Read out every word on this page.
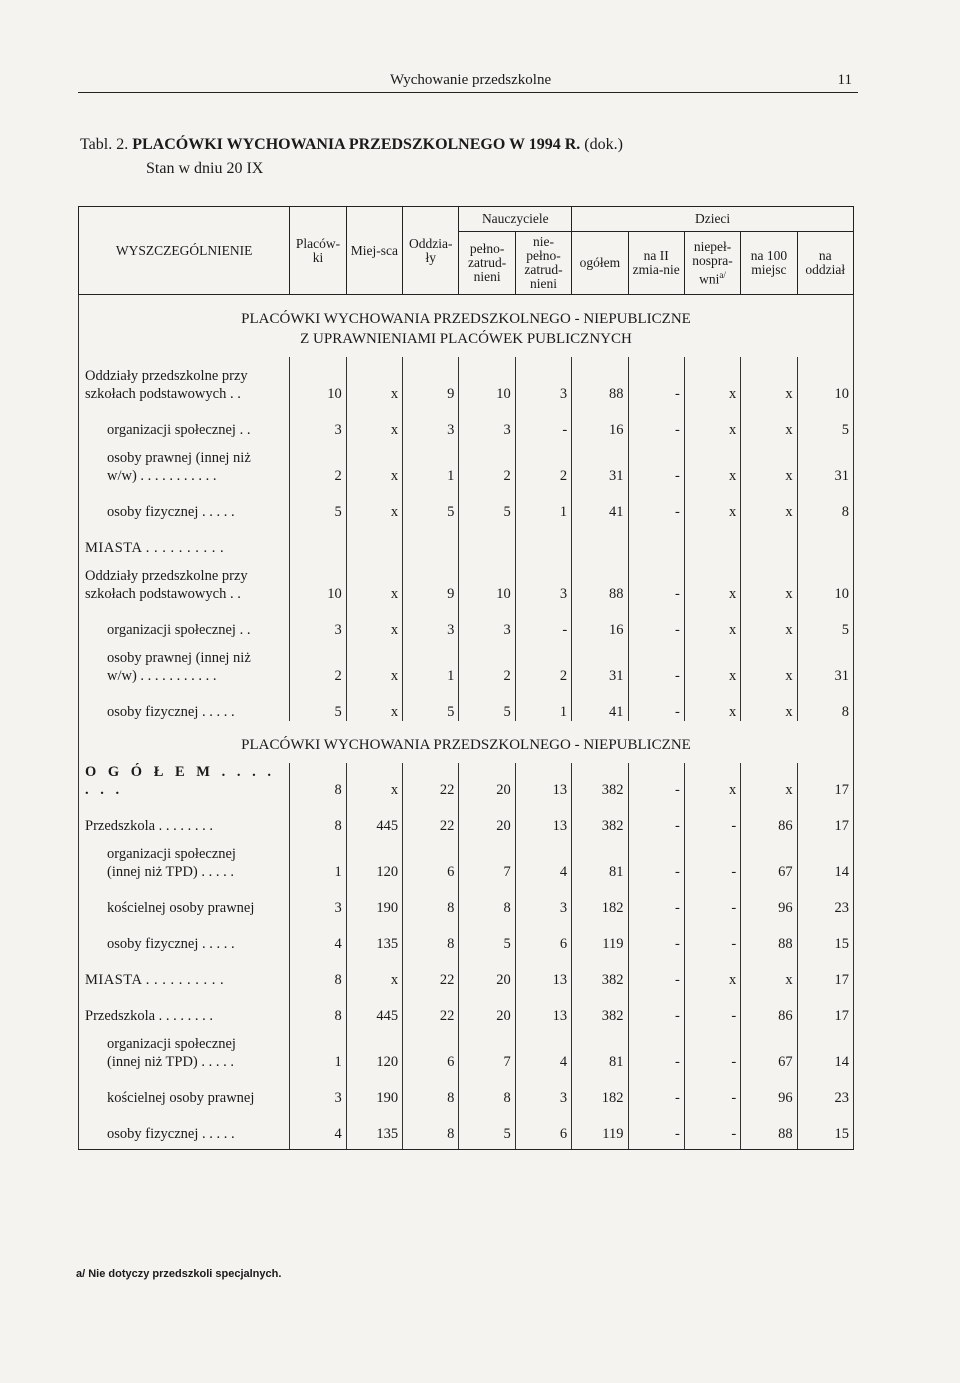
Wychowanie przedszkolne	11
Tabl. 2. PLACÓWKI WYCHOWANIA PRZEDSZKOLNEGO W 1994 R. (dok.)
Stan w dniu 20 IX
WYSZCZEGÓLNIENIE	Placów-ki	Miej-sca	Oddzia-ły	Nauczyciele		Dzieci				
				pełno-zatrud-nieni	nie-pełno-zatrud-nieni	ogółem	na II zmia-nie	niepeł-nospra-wni$^{a/}$	na 100 miejsc	na oddział

PLACÓWKI WYCHOWANIA PRZEDSZKOLNEGO - NIEPUBLICZNE
Z UPRAWNIENIAMI PLACÓWEK PUBLICZNYCH										

Oddziały przedszkolne przy
szkołach podstawowych . .	10	x	9	10	3	88	-	x	x	10

organizacji społecznej . .	3	x	3	3	-	16	-	x	x	5

osoby prawnej (innej niż
w/w) . . . . . . . . . . .	2	x	1	2	2	31	-	x	x	31

osoby fizycznej . . . . .	5	x	5	5	1	41	-	x	x	8

MIASTA . . . . . . . . . .										

Oddziały przedszkolne przy
szkołach podstawowych . .	10	x	9	10	3	88	-	x	x	10

organizacji społecznej . .	3	x	3	3	-	16	-	x	x	5

osoby prawnej (innej niż
w/w) . . . . . . . . . . .	2	x	1	2	2	31	-	x	x	31

osoby fizycznej . . . . .	5	x	5	5	1	41	-	x	x	8

PLACÓWKI WYCHOWANIA PRZEDSZKOLNEGO - NIEPUBLICZNE										

O G Ó Ł E M . . . . . . .	8	x	22	20	13	382	-	x	x	17

Przedszkola . . . . . . . .	8	445	22	20	13	382	-	-	86	17

organizacji społecznej
(innej niż TPD) . . . . .	1	120	6	7	4	81	-	-	67	14

kościelnej osoby prawnej	3	190	8	8	3	182	-	-	96	23

osoby fizycznej . . . . .	4	135	8	5	6	119	-	-	88	15

MIASTA . . . . . . . . . .	8	x	22	20	13	382	-	x	x	17

Przedszkola . . . . . . . .	8	445	22	20	13	382	-	-	86	17

organizacji społecznej
(innej niż TPD) . . . . .	1	120	6	7	4	81	-	-	67	14

kościelnej osoby prawnej	3	190	8	8	3	182	-	-	96	23

osoby fizycznej . . . . .	4	135	8	5	6	119	-	-	88	15
a/ Nie dotyczy przedszkoli specjalnych.
